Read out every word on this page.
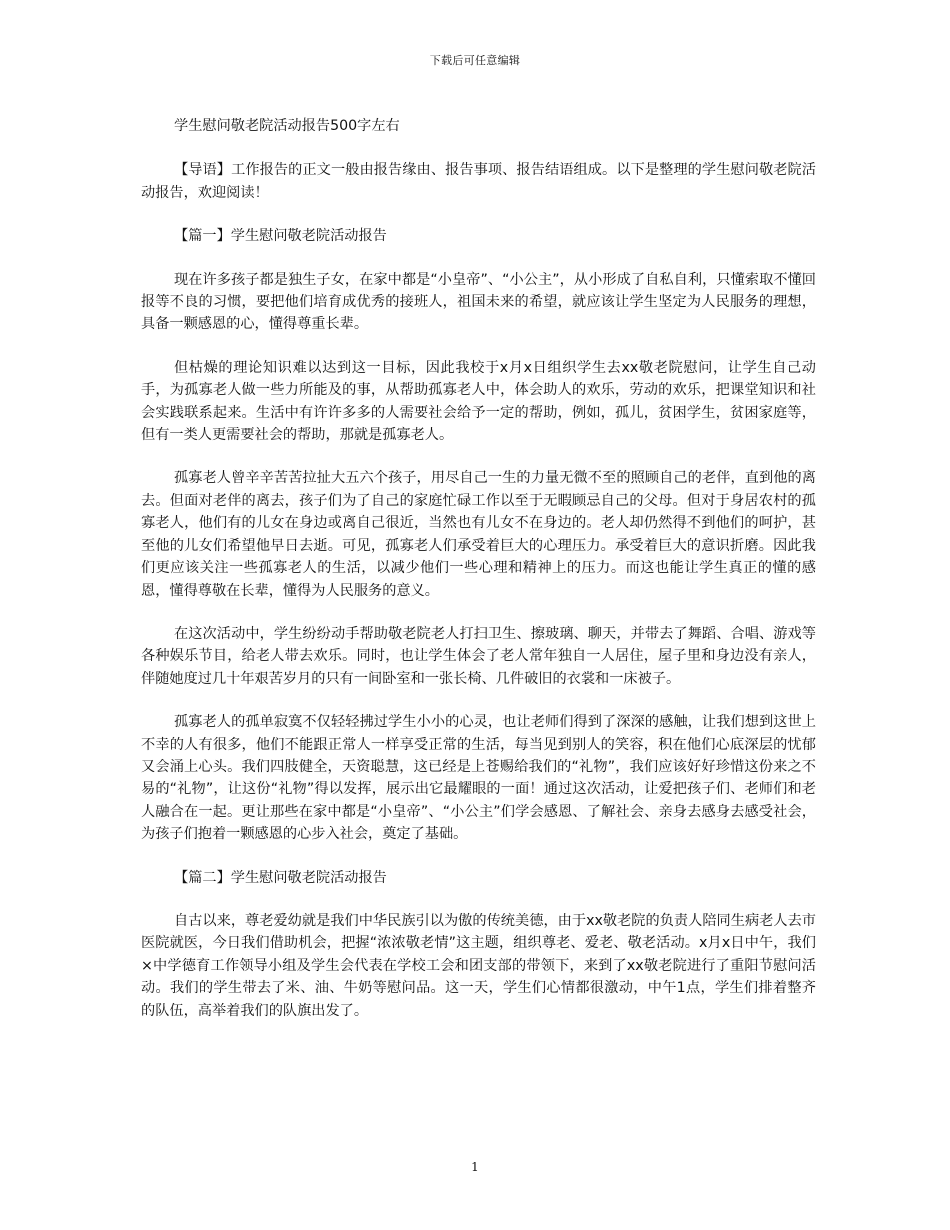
下载后可任意编辑

学生慰问敬老院活动报告500字左右

【导语】工作报告的正文一般由报告缘由、报告事项、报告结语组成。以下是整理的学生慰问敬老院活动报告，欢迎阅读！

【篇一】学生慰问敬老院活动报告

现在许多孩子都是独生子女，在家中都是“小皇帝”、“小公主”，从小形成了自私自利，只懂索取不懂回报等不良的习惯，要把他们培育成优秀的接班人，祖国未来的希望，就应该让学生坚定为人民服务的理想，具备一颗感恩的心，懂得尊重长辈。

但枯燥的理论知识难以达到这一目标，因此我校于x月x日组织学生去xx敬老院慰问，让学生自己动手，为孤寡老人做一些力所能及的事，从帮助孤寡老人中，体会助人的欢乐，劳动的欢乐，把课堂知识和社会实践联系起来。生活中有许许多多的人需要社会给予一定的帮助，例如，孤儿，贫困学生，贫困家庭等，但有一类人更需要社会的帮助，那就是孤寡老人。

孤寡老人曾辛辛苦苦拉扯大五六个孩子，用尽自己一生的力量无微不至的照顾自己的老伴，直到他的离去。但面对老伴的离去，孩子们为了自己的家庭忙碌工作以至于无暇顾忌自己的父母。但对于身居农村的孤寡老人，他们有的儿女在身边或离自己很近，当然也有儿女不在身边的。老人却仍然得不到他们的呵护，甚至他的儿女们希望他早日去逝。可见，孤寡老人们承受着巨大的心理压力。承受着巨大的意识折磨。因此我们更应该关注一些孤寡老人的生活，以减少他们一些心理和精神上的压力。而这也能让学生真正的懂的感恩，懂得尊敬在长辈，懂得为人民服务的意义。

在这次活动中，学生纷纷动手帮助敬老院老人打扫卫生、擦玻璃、聊天，并带去了舞蹈、合唱、游戏等各种娱乐节目，给老人带去欢乐。同时，也让学生体会了老人常年独自一人居住，屋子里和身边没有亲人，伴随她度过几十年艰苦岁月的只有一间卧室和一张长椅、几件破旧的衣裳和一床被子。

孤寡老人的孤单寂寞不仅轻轻拂过学生小小的心灵，也让老师们得到了深深的感触，让我们想到这世上不幸的人有很多，他们不能跟正常人一样享受正常的生活，每当见到别人的笑容，积在他们心底深层的忧郁又会涌上心头。我们四肢健全，天资聪慧，这已经是上苍赐给我们的“礼物”，我们应该好好珍惜这份来之不易的“礼物”，让这份“礼物”得以发挥，展示出它最耀眼的一面！通过这次活动，让爱把孩子们、老师们和老人融合在一起。更让那些在家中都是“小皇帝”、“小公主”们学会感恩、了解社会、亲身去感身去感受社会，为孩子们抱着一颗感恩的心步入社会，奠定了基础。

【篇二】学生慰问敬老院活动报告

自古以来，尊老爱幼就是我们中华民族引以为傲的传统美德，由于xx敬老院的负责人陪同生病老人去市医院就医，今日我们借助机会，把握“浓浓敬老情”这主题，组织尊老、爱老、敬老活动。x月x日中午，我们×中学德育工作领导小组及学生会代表在学校工会和团支部的带领下，来到了xx敬老院进行了重阳节慰问活动。我们的学生带去了米、油、牛奶等慰问品。这一天，学生们心情都很激动，中午1点，学生们排着整齐的队伍，高举着我们的队旗出发了。

1
